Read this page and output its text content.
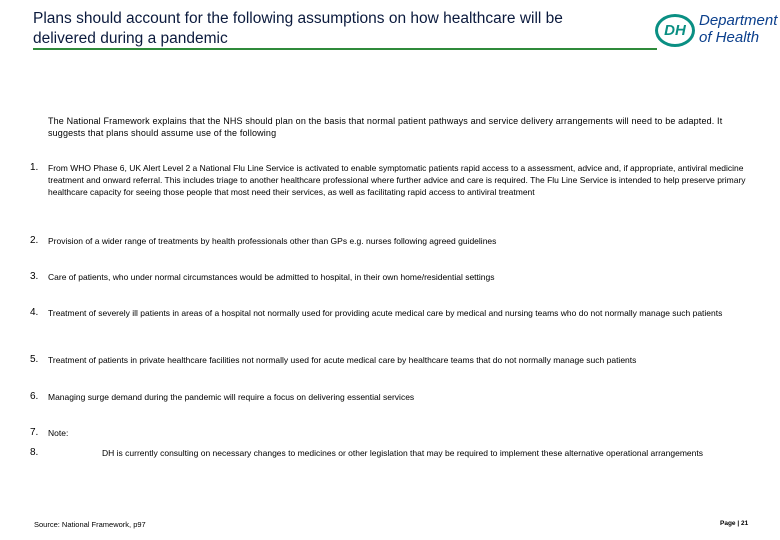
Plans should account for the following assumptions on how healthcare will be delivered during a pandemic	DH
Department of Health
The National Framework explains that the NHS should plan on the basis that normal patient pathways and service delivery arrangements will need to be adapted. It suggests that plans should assume use of the following
1.	From WHO Phase 6, UK Alert Level 2 a National Flu Line Service is activated to enable symptomatic patients rapid access to a assessment, advice and, if appropriate, antiviral medicine treatment and onward referral. This includes triage to another healthcare professional where further advice and care is required. The Flu Line Service is intended to help preserve primary healthcare capacity for seeing those people that most need their services, as well as facilitating rapid access to antiviral treatment
2.	Provision of a wider range of treatments by health professionals other than GPs e.g. nurses following agreed guidelines
3.	Care of patients, who under normal circumstances would be admitted to hospital, in their own home/residential settings
4.	Treatment of severely ill patients in areas of a hospital not normally used for providing acute medical care by medical and nursing teams who do not normally manage such patients
5.	Treatment of patients in private healthcare facilities not normally used for acute medical care by healthcare teams that do not normally manage such patients
6.	Managing surge demand during the pandemic will require a focus on delivering essential services
7.	Note:
8.	DH is currently consulting on necessary changes to medicines or other legislation that may be required to implement these alternative operational arrangements
Source: National Framework, p97	Page | 21
